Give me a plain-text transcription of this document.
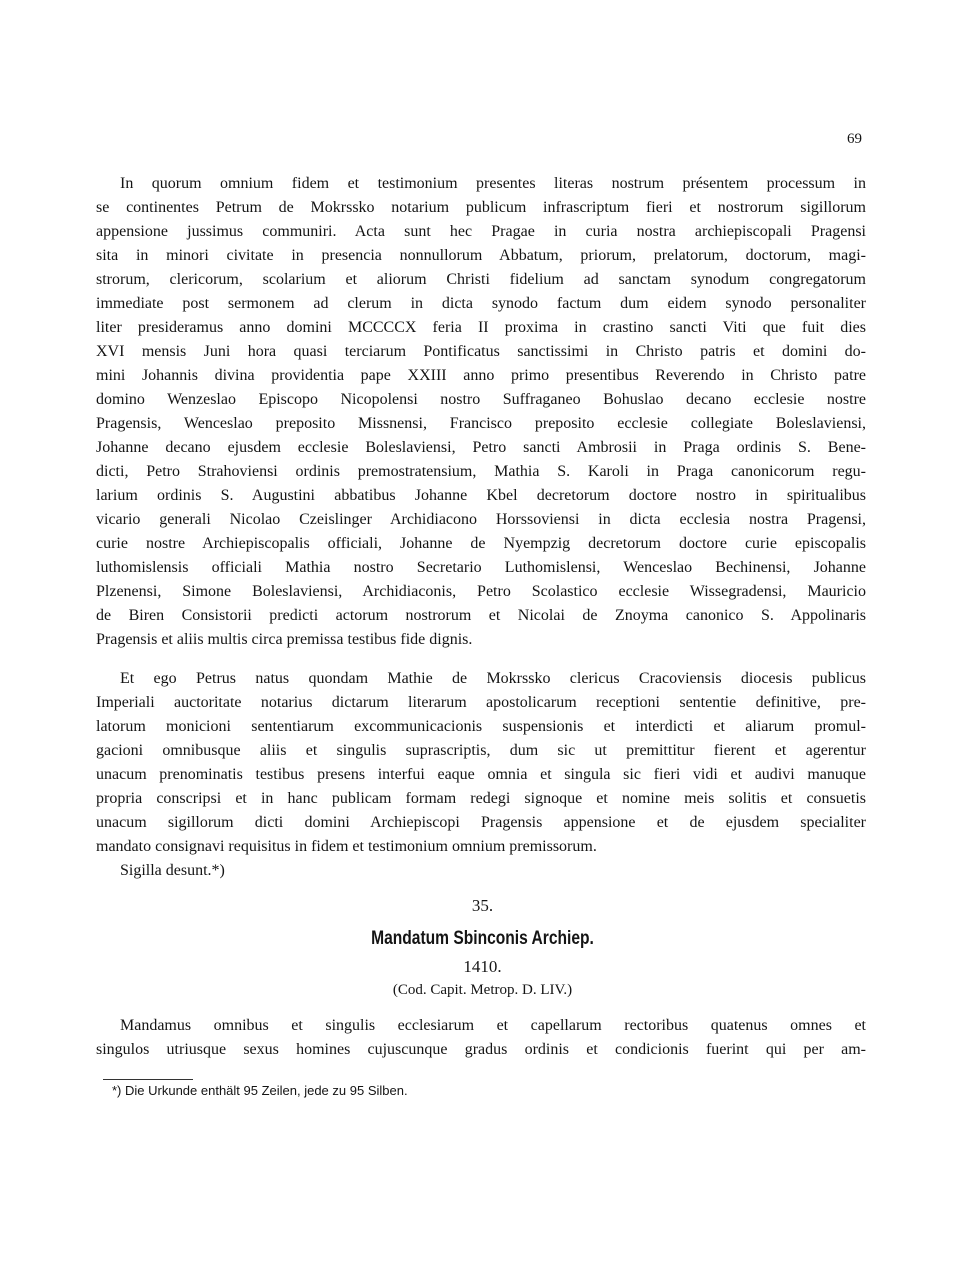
69
In quorum omnium fidem et testimonium presentes literas nostrum présentem processum in
se continentes Petrum de Mokrssko notarium publicum infrascriptum fieri et nostrorum sigillorum
appensione jussimus communiri. Acta sunt hec Pragae in curia nostra archiepiscopali Pragensi
sita in minori civitate in presencia nonnullorum Abbatum, priorum, prelatorum, doctorum, magi-
strorum, clericorum, scolarium et aliorum Christi fidelium ad sanctam synodum congregatorum
immediate post sermonem ad clerum in dicta synodo factum dum eidem synodo personaliter
liter presideramus anno domini MCCCCX feria II proxima in crastino sancti Viti que fuit dies
XVI mensis Juni hora quasi terciarum Pontificatus sanctissimi in Christo patris et domini do-
mini Johannis divina providentia pape XXIII anno primo presentibus Reverendo in Christo patre
domino Wenzeslao Episcopo Nicopolensi nostro Suffraganeo Bohuslao decano ecclesie nostre
Pragensis, Wenceslao preposito Missnensi, Francisco preposito ecclesie collegiate Boleslaviensi,
Johanne decano ejusdem ecclesie Boleslaviensi, Petro sancti Ambrosii in Praga ordinis S. Bene-
dicti, Petro Strahoviensi ordinis premostratensium, Mathia S. Karoli in Praga canonicorum regu-
larium ordinis S. Augustini abbatibus Johanne Kbel decretorum doctore nostro in spiritualibus
vicario generali Nicolao Czeislinger Archidiacono Horssoviensi in dicta ecclesia nostra Pragensi,
curie nostre Archiepiscopalis officiali, Johanne de Nyempzig decretorum doctore curie episcopalis
luthomislensis officiali Mathia nostro Secretario Luthomislensi, Wenceslao Bechinensi, Johanne
Plzenensi, Simone Boleslaviensi, Archidiaconis, Petro Scolastico ecclesie Wissegradensi, Mauricio
de Biren Consistorii predicti actorum nostrorum et Nicolai de Znoyma canonico S. Appolinaris
Pragensis et aliis multis circa premissa testibus fide dignis.
Et ego Petrus natus quondam Mathie de Mokrssko clericus Cracoviensis diocesis publicus
Imperiali auctoritate notarius dictarum literarum apostolicarum receptioni sententie definitive, pre-
latorum monicioni sententiarum excommunicacionis suspensionis et interdicti et aliarum promul-
gacioni omnibusque aliis et singulis suprascriptis, dum sic ut premittitur fierent et agerentur
unacum prenominatis testibus presens interfui eaque omnia et singula sic fieri vidi et audivi manuque
propria conscripsi et in hanc publicam formam redegi signoque et nomine meis solitis et consuetis
unacum sigillorum dicti domini Archiepiscopi Pragensis appensione et de ejusdem specialiter
mandato consignavi requisitus in fidem et testimonium omnium premissorum.
Sigilla desunt.*)
35.
Mandatum Sbinconis Archiep.
1410.
(Cod. Capit. Metrop. D. LIV.)
Mandamus omnibus et singulis ecclesiarum et capellarum rectoribus quatenus omnes et
singulos utriusque sexus homines cujuscunque gradus ordinis et condicionis fuerint qui per am-
*) Die Urkunde enthält 95 Zeilen, jede zu 95 Silben.
